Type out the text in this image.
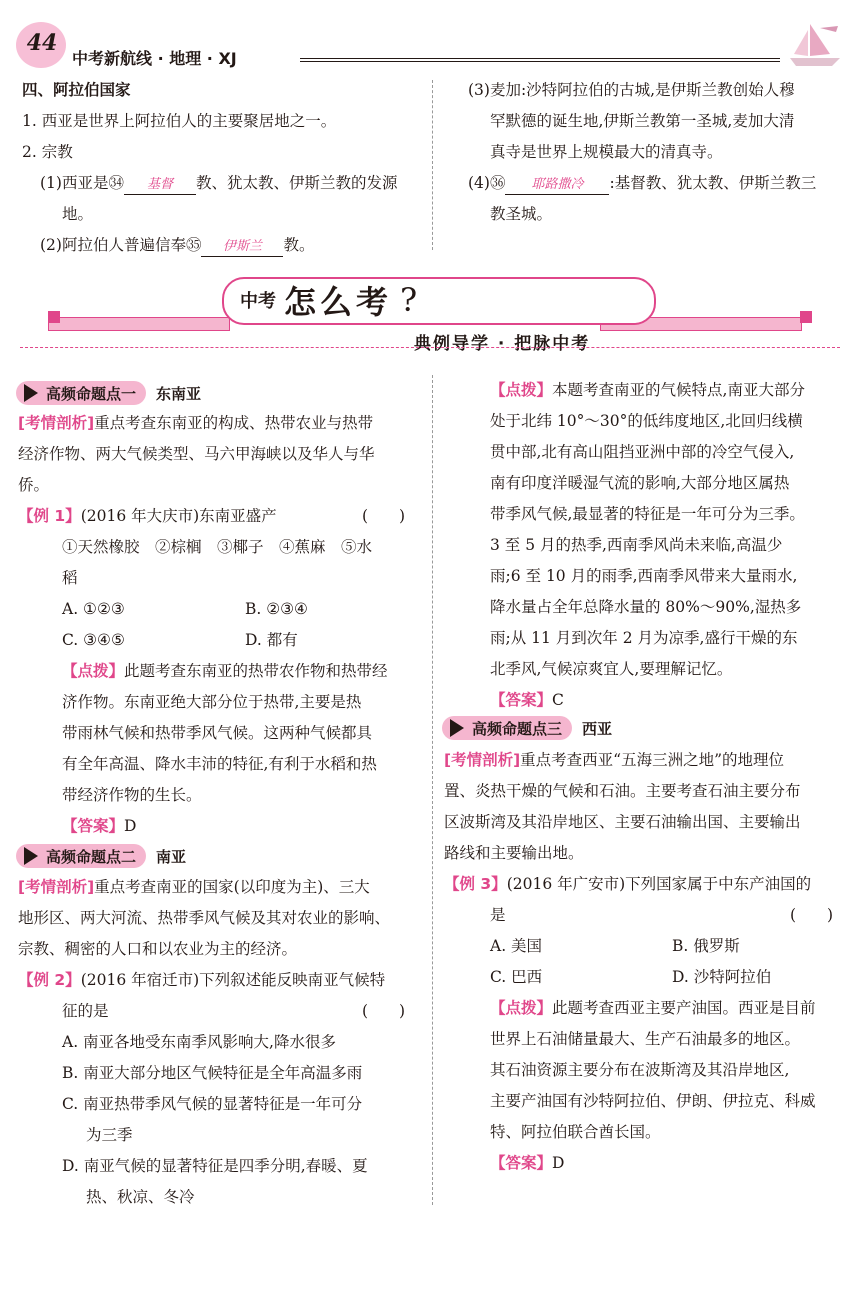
44
中考新航线 · 地理 · XJ
四、阿拉伯国家
1. 西亚是世界上阿拉伯人的主要聚居地之一。
2. 宗教
(1)西亚是㉞ 基督 教、犹太教、伊斯兰教的发源
地。
(2)阿拉伯人普遍信奉㉟ 伊斯兰 教。
(3)麦加:沙特阿拉伯的古城,是伊斯兰教创始人穆
罕默德的诞生地,伊斯兰教第一圣城,麦加大清
真寺是世界上规模最大的清真寺。
(4)㊱ 耶路撒冷 :基督教、犹太教、伊斯兰教三
教圣城。
中考 怎么考 ?
典例导学 · 把脉中考
高频命题点一 东南亚
[考情剖析]重点考查东南亚的构成、热带农业与热带
经济作物、两大气候类型、马六甲海峡以及华人与华
侨。
【例 1】(2016 年大庆市)东南亚盛产	(　　)
①天然橡胶　②棕榈　③椰子　④蕉麻　⑤水
稻
A. ①②③	B. ②③④
C. ③④⑤	D. 都有
【点拨】此题考查东南亚的热带农作物和热带经
济作物。东南亚绝大部分位于热带,主要是热
带雨林气候和热带季风气候。这两种气候都具
有全年高温、降水丰沛的特征,有利于水稻和热
带经济作物的生长。
【答案】D
高频命题点二 南亚
[考情剖析]重点考查南亚的国家(以印度为主)、三大
地形区、两大河流、热带季风气候及其对农业的影响、
宗教、稠密的人口和以农业为主的经济。
【例 2】(2016 年宿迁市)下列叙述能反映南亚气候特
征的是	(　　)
A. 南亚各地受东南季风影响大,降水很多
B. 南亚大部分地区气候特征是全年高温多雨
C. 南亚热带季风气候的显著特征是一年可分
为三季
D. 南亚气候的显著特征是四季分明,春暖、夏
热、秋凉、冬冷
【点拨】本题考查南亚的气候特点,南亚大部分
处于北纬 10°～30°的低纬度地区,北回归线横
贯中部,北有高山阻挡亚洲中部的冷空气侵入,
南有印度洋暖湿气流的影响,大部分地区属热
带季风气候,最显著的特征是一年可分为三季。
3 至 5 月的热季,西南季风尚未来临,高温少
雨;6 至 10 月的雨季,西南季风带来大量雨水,
降水量占全年总降水量的 80%～90%,湿热多
雨;从 11 月到次年 2 月为凉季,盛行干燥的东
北季风,气候凉爽宜人,要理解记忆。
【答案】C
高频命题点三 西亚
[考情剖析]重点考查西亚“五海三洲之地”的地理位
置、炎热干燥的气候和石油。主要考查石油主要分布
区波斯湾及其沿岸地区、主要石油输出国、主要输出
路线和主要输出地。
【例 3】(2016 年广安市)下列国家属于中东产油国的
是	(　　)
A. 美国	B. 俄罗斯
C. 巴西	D. 沙特阿拉伯
【点拨】此题考查西亚主要产油国。西亚是目前
世界上石油储量最大、生产石油最多的地区。
其石油资源主要分布在波斯湾及其沿岸地区,
主要产油国有沙特阿拉伯、伊朗、伊拉克、科威
特、阿拉伯联合酋长国。
【答案】D
